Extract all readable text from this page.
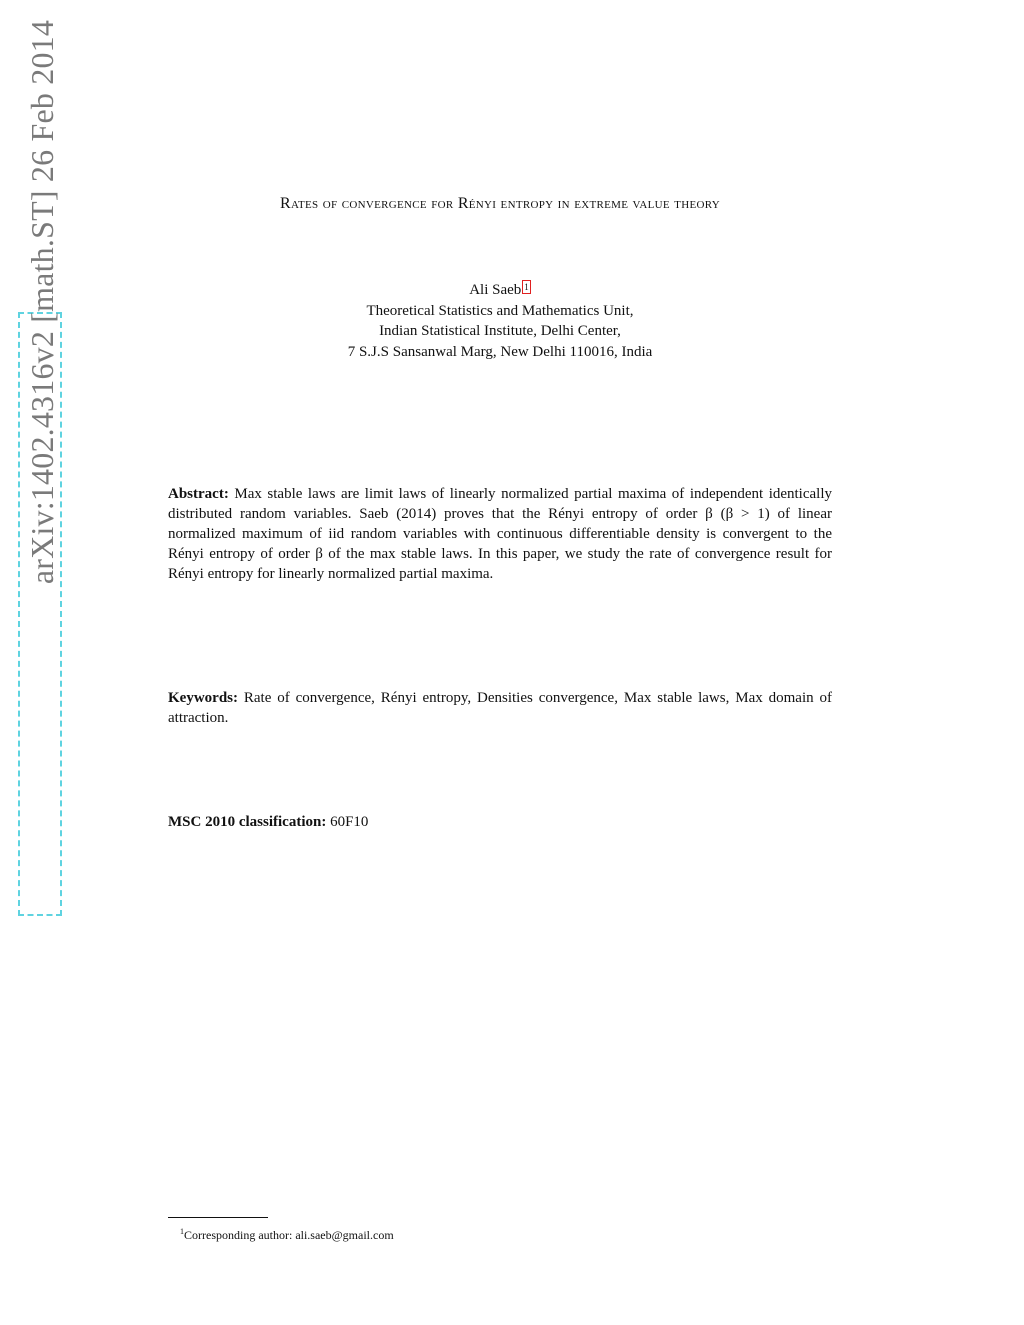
arXiv:1402.4316v2 [math.ST] 26 Feb 2014	Rates of convergence for Rényi entropy in extreme value theory
Ali Saeb 1
Theoretical Statistics and Mathematics Unit,
Indian Statistical Institute, Delhi Center,
7 S.J.S Sansanwal Marg, New Delhi 110016, India
Abstract: Max stable laws are limit laws of linearly normalized partial maxima of independent identically distributed random variables. Saeb (2014) proves that the Rényi entropy of order β (β > 1) of linear normalized maximum of iid random variables with continuous differentiable density is convergent to the Rényi entropy of order β of the max stable laws. In this paper, we study the rate of convergence result for Rényi entropy for linearly normalized partial maxima.
Keywords: Rate of convergence, Rényi entropy, Densities convergence, Max stable laws, Max domain of attraction.
MSC 2010 classification: 60F10
$^1$Corresponding author: ali.saeb@gmail.com
